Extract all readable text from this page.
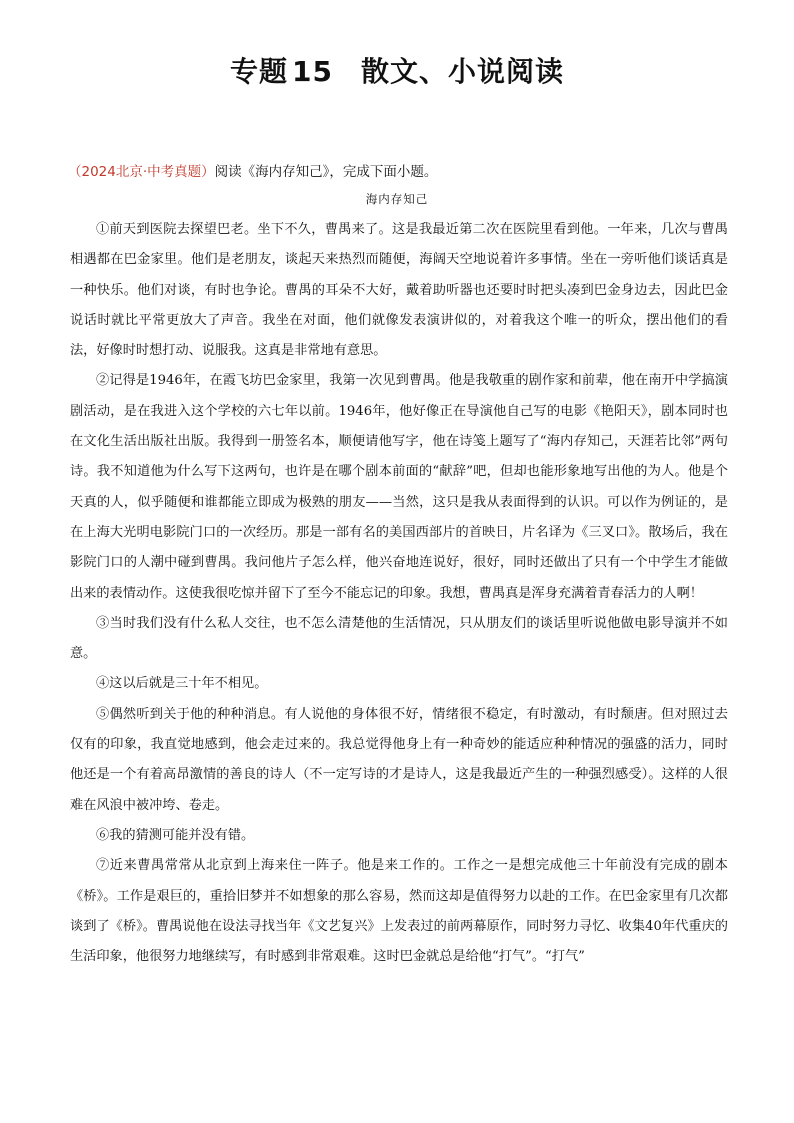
专题 15 散文、小说阅读
（2024北京·中考真题）阅读《海内存知己》，完成下面小题。
海内存知己

①前天到医院去探望巴老。坐下不久，曹禺来了。这是我最近第二次在医院里看到他。一年来，几次与曹禺相遇都在巴金家里。他们是老朋友，谈起天来热烈而随便，海阔天空地说着许多事情。坐在一旁听他们谈话真是一种快乐。他们对谈，有时也争论。曹禺的耳朵不大好，戴着助听器也还要时时把头凑到巴金身边去，因此巴金说话时就比平常更放大了声音。我坐在对面，他们就像发表演讲似的，对着我这个唯一的听众，摆出他们的看法，好像时时想打动、说服我。这真是非常地有意思。

②记得是1946年，在霞飞坊巴金家里，我第一次见到曹禺。他是我敬重的剧作家和前辈，他在南开中学搞演剧活动，是在我进入这个学校的六七年以前。1946年，他好像正在导演他自己写的电影《艳阳天》，剧本同时也在文化生活出版社出版。我得到一册签名本，顺便请他写字，他在诗笺上题写了“海内存知己，天涯若比邻”两句诗。我不知道他为什么写下这两句，也许是在哪个剧本前面的“献辞”吧，但却也能形象地写出他的为人。他是个天真的人，似乎随便和谁都能立即成为极熟的朋友——当然，这只是我从表面得到的认识。可以作为例证的，是在上海大光明电影院门口的一次经历。那是一部有名的美国西部片的首映日，片名译为《三叉口》。散场后，我在影院门口的人潮中碰到曹禺。我问他片子怎么样，他兴奋地连说好，很好，同时还做出了只有一个中学生才能做出来的表情动作。这使我很吃惊并留下了至今不能忘记的印象。我想，曹禺真是浑身充满着青春活力的人啊！

③当时我们没有什么私人交往，也不怎么清楚他的生活情况，只从朋友们的谈话里听说他做电影导演并不如意。

④这以后就是三十年不相见。

⑤偶然听到关于他的种种消息。有人说他的身体很不好，情绪很不稳定，有时激动，有时颓唐。但对照过去仅有的印象，我直觉地感到，他会走过来的。我总觉得他身上有一种奇妙的能适应种种情况的强盛的活力，同时他还是一个有着高昂激情的善良的诗人（不一定写诗的才是诗人，这是我最近产生的一种强烈感受）。这样的人很难在风浪中被冲垮、卷走。

⑥我的猜测可能并没有错。

⑦近来曹禺常常从北京到上海来住一阵子。他是来工作的。工作之一是想完成他三十年前没有完成的剧本《桥》。工作是艰巨的，重拾旧梦并不如想象的那么容易，然而这却是值得努力以赴的工作。在巴金家里有几次都谈到了《桥》。曹禺说他在设法寻找当年《文艺复兴》上发表过的前两幕原作，同时努力寻忆、收集40年代重庆的生活印象，他很努力地继续写，有时感到非常艰难。这时巴金就总是给他“打气”。“打气”
